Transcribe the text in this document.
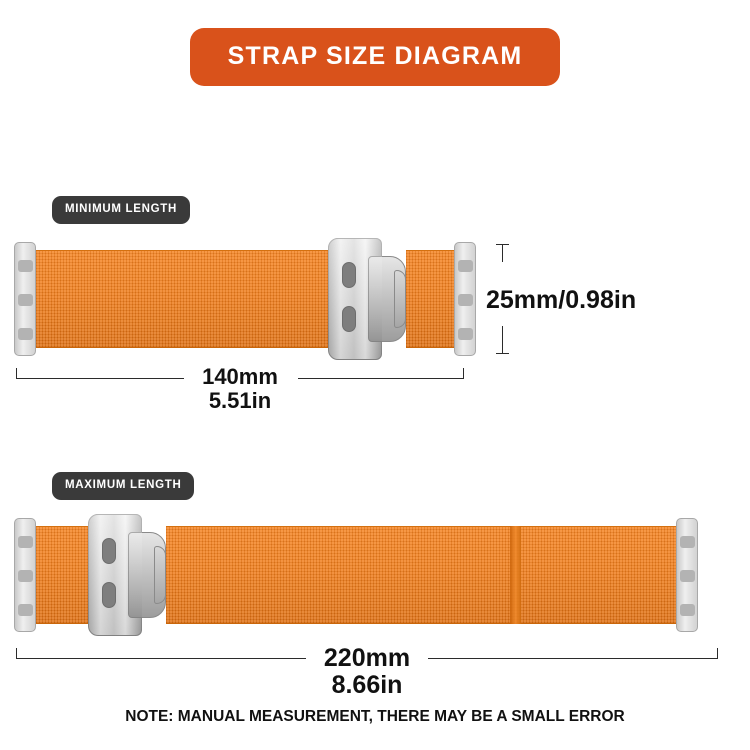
STRAP SIZE DIAGRAM
MINIMUM LENGTH
25mm/0.98in
140mm
5.51in
MAXIMUM LENGTH
220mm
8.66in
NOTE: MANUAL MEASUREMENT, THERE MAY BE A SMALL ERROR
